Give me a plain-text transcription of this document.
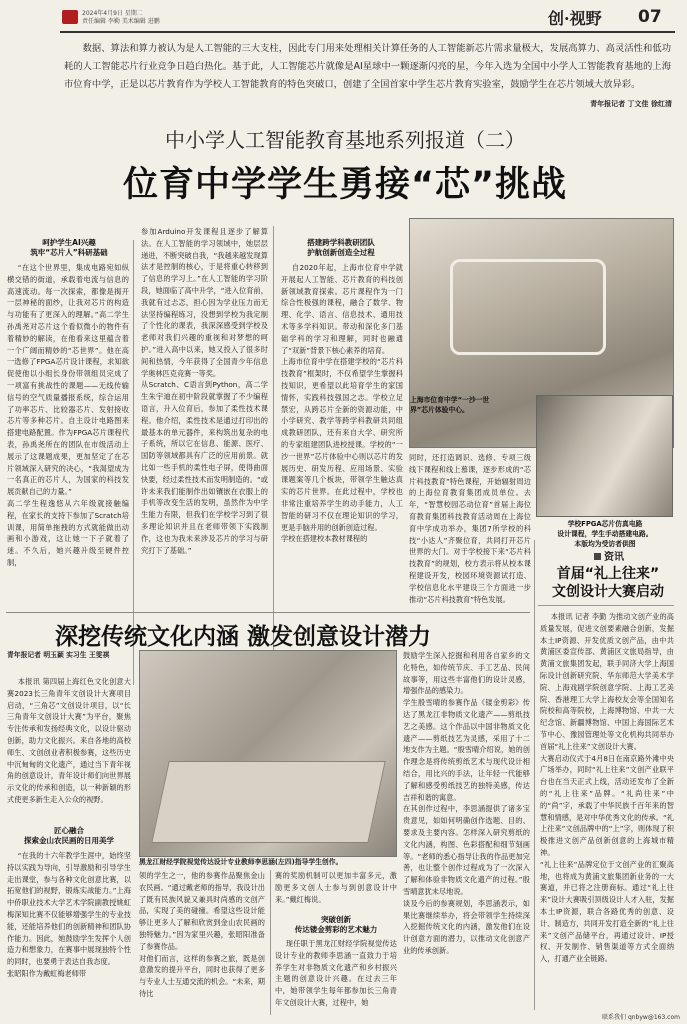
2024年4月9日 星期二
责任编辑 李勤 美术编辑 进鹏	创·视野	07
数据、算法和算力被认为是人工智能的三大支柱，因此专门用来处理相关计算任务的人工智能新芯片需求量极大，发展高算力、高灵活性和低功耗的人工智能芯片行业竞争日趋白热化。基于此，人工智能芯片就像是AI星球中一颗逐渐闪亮的星，今年入选为全国中小学人工智能教育基地的上海市位育中学，正是以芯片教育作为学校人工智能教育的特色突破口，创建了全国首家中学生芯片教育实验室，鼓励学生在芯片领域大放异彩。
青年报记者 丁文佳 徐红清
中小学人工智能教育基地系列报道（二）
位育中学学生勇接“芯”挑战
呵护学生AI兴趣
筑牢“芯片人”科研基础
“在这个世界里，集成电路宛如纵横交错的街道，承载着电流与信息的高速流动。每一次探索，都像是揭开一层神秘的面纱，让我对芯片的构造与功能有了更深入的理解。”高二学生孙禹尧对芯片这个看似微小的物件有着精妙的解读，在他看来这里蕴含着一个广阔而精妙的“芯世界”。他在高一选修了FPGA芯片设计课程，求知欲促使他以小组长身份带领组员完成了一项富有挑战性的课题——无线传输信号的空气质量播报系统，综合运用了功率芯片、比较器芯片、发射接收芯片等多种芯片。自主设计电路图来搭建电路配置。作为FPGA芯片课程代表，孙禹尧所在的团队在市级活动上展示了这课题成果，更加坚定了在芯片领域深入研究的决心，“我渴望成为一名真正的芯片人，为国家的科技发展贡献自己的力量。”
高二学生程逸悠从六年级就接触编程，在家长的支持下参加了Scratch培训课，用简单拖拽的方式就能做出动画和小游戏，这让她一下子就着了迷。不久后，她兴趣升级至硬件控制，
参加Arduino开发课程且逐步了解算法。在人工智能的学习领域中，她层层递进，不断突破自我，“我越来越发现算法才是控制的核心，于是将重心转移到了信息的学习上。”在人工智能的学习阶段，她面临了高中升学，“进入位育前，我就有过忐忑，担心因为学业压力而无法坚持编程练习，没想到学校为我定制了个性化的课表，我深深感受到学校及老师对我们兴趣的重视和对梦想的呵护。”进入高中以来，她又投入了很多时间和热情，今年获得了全国青少年信息学奥林匹克竞赛一等奖。
从Scratch、C语言到Python，高二学生朱宇迪在初中阶段就掌握了不少编程语言，升入位育后，参加了柔性技术课程。他介绍，柔性技术是通过打印出的最基本的单元器件，来构筑出复杂的电子系统，所以它在信息、能源、医疗、国防等领域都具有广泛的应用前景。就比如一些手机的柔性电子屏，使得曲面快要，经过柔性技术而发明制造的。“或许未来我们能制作出如镶嵌在衣服上的手机等改变生活的发明，虽然作为中学生能力有限，但我们在学校学习到了很多理论知识并且在老师带领下实践制作，这也为我未来涉及芯片的学习与研究打下了基础。”
搭建跨学科教研团队
护航创新创造全过程
自2020年起，上海市位育中学就开展起人工智能、芯片教育的科技创新领域教育探索。芯片课程作为一门综合性极强的课程，融合了数学、物理、化学、语言、信息技术、通用技术等多学科知识。带动和深化多门基础学科的学习和理解，同时也融通了“双新”背景下核心素养的培育。
上海市位育中学在搭建学校的“芯片科技教育”框架时，不仅希望学生掌握科技知识，更希望以此培育学生的家国情怀，实践科技强国之志。学校立足禁宏，从跨芯片全新的资源动能，中小学研究、教学等跨学科教研共同组成教研团队，还有来自大学、研究所的专家组建团队进校授课。学校的“一沙一世界”芯片体验中心则以芯片的发展历史、研发历程、应用场景、实验课题案等几个板块，带领学生触达真实的芯片世界。在此过程中，学校也非常注重培养学生的动手能力，人工智能的研习不仅在理论知识的学习，更是手脑并用的创新创造过程。
学校在搭建校本教材课程的
上海市位育中学“一沙一世
界”芯片体验中心。
同时，还打造调识、选修、专项三级线下课程和线上慕课，逐步形成的“芯片科技教育”特色课程，开始辐射周边的上海位育教育集团成员单位。去年，“智慧校园芯动位育”首届上海位育教育集团科技教育活动周在上海位育中学成功举办，集团7所学校的科技“小达人”齐聚位育，共同打开芯片世界的大门。对于学校接下来“芯片科技教育”的规划，校方表示将从校本课程建设开发，校园环境资源试打造、学校信息化水平建设三个方面进一步推动“芯片科技教育”特色发展。
学校FPGA芯片仿真电路
设计课程，学生手动搭建电路。
本版均为受访者供图
资讯
首届“礼上往来”
文创设计大赛启动
本报讯 记者 李勤 为推动文创产业的高质量发展，促进文创要素融合创新，发掘本土IP资源、开发优质文创产品，由中共黄浦区委宣传部、黄浦区文旅局指导，由黄浦文旅集团发起，联手同济大学上海国际设计创新研究院、华东师范大学美术学院、上海戏剧学院创意学院、上海工艺美院、香港理工大学上海校友会等全国知名院校和高等院校，上海博物馆、中共一大纪念馆、新疆博物馆、中国上海国际艺术节中心、豫园管理处等文化机构共同举办首届“礼上往来”文创设计大赛。
大赛启动仪式于4月8日在南京路外滩中央广场举办，同时“礼上往来”文创产业联平台也在当天正式上线，活动还发布了全新的“礼上往来”品牌。“礼尚往来”中的“尚”字，承载了中华民族千百年来的智慧和情感，是对中华优秀文化的传承。“礼上往来”文创品牌中的“上”字，则体现了积极推进文创产品创新创意的上海城市精神。
“礼上往来”品牌定位于文创产业的汇聚高地，也将成为黄浦文旅集团新业务的一大赛道，并已将之注册商标。通过“礼上往来”设计大赛吸引顶级设计人才入驻，发掘本土IP资源，联合各路优秀的创意、设计、制造方，共同开发打造全新的“礼上往来”文创产品储平台，再通过设计、IP授权、开发制作、销售渠道等方式全面纳入，打通产业全链路。
深挖传统文化内涵 激发创意设计潜力
青年报记者 明玉颖 实习生 王雯祺
本报讯 第四届上海红色文化创意大赛2023长三角青年文创设计大赛项目启动，“三角芯”文创设计项目，以“长三角青年文创设计大赛”为平台，聚焦专注传承和发扬经典文化，以设计驱动创新，助力文化振兴。来自各地的高校师生、文创创业者积极参赛，这些历史中沉甸甸的文化遗产，通过当下青年视角的创意设计，青年设计师们向世界展示文化的传承和创造，以一种新颖的形式使更多新生走入公众的视野。
匠心融合
探索金山农民画的日用美学
“在我的十六年教学生涯中，始终坚持以实践为导向，引导激励和引导学生走出课堂，参与各种文化创意比赛，以拓宽他们的视野，锻炼实战能力。”上海中侨职业技术大学艺术学院副教授姚虹梅深知比赛不仅能够增强学生的专业技能，还能培养他们的创新精神和团队协作能力。因此，她鼓励学生发挥个人创造力和想象力，在赛事中展现独特个性的同时，也要勇于表达自我态度。
张昭阳作为戴虹梅老师带
黑龙江财经学院视觉传达设计专业教师李思涵(左四)指导学生创作。
领的学生之一，他的参赛作品聚焦金山农民画。“通过戴老师的指导，我设计出了既有民族风貌又兼具时尚感的文创产品，实现了美的碰撞。希望这些设计能够让更多人了解和欣赏到金山农民画的独特魅力。”因为家里兴趣，张昭阳准备了参赛作品。
对他们而言，这样的参赛之旅，既是创意激发的提升平台，同时也获得了更多与专业人士互通交流的机会。“未来，期待比
赛的奖励机制可以更加丰富多元，激励更多文创人士参与到创意设计中来。”戴红梅说。
突破创新
传达镂金剪彩的艺术魅力
现任职于黑龙江财经学院视觉传达设计专业的教师李思涵一直致力于培养学生对非物质文化遗产和乡村振兴主题的创意设计兴趣。在过去三年中，她带领学生每年都参加长三角青年文创设计大赛，过程中，她
鼓励学生深入挖掘和利用各自家乡的文化特色，如传统节庆、手工艺品、民间故事等，用这些丰富他们的设计灵感，增强作品的感染力。
学生殷雪晴的参赛作品《镂金剪彩》传达了黑龙江非物质文化遗产——剪纸技艺之美感。这个作品以中国非物质文化遗产——剪纸技艺为灵感，采用了十二地支作为主题。“殷雪晴介绍说，她的创作理念是将传统剪纸艺术与现代设计相结合，用比兴的手法，让年轻一代能够了解和感受剪纸技艺的独特美感，传达吉祥和谐的寓意。
在其创作过程中，李思涵提供了诸多宝贵意见，如如何明确创作选题、目的、要求及主要内容。怎样深入研究剪纸的文化内涵，构图、色彩搭配和细节刻画等。“老师的悉心指导让我的作品更加完善，也让整个创作过程成为了一次深入了解和体验非物质文化遗产的过程。”殷雪晴意犹未尽地说。
谈及今后的参赛规划，李思涵表示，如果比赛继续举办，将会带领学生持续深入挖掘传统文化的内涵，激发他们在设计创意方面的潜力，以推动文化创意产业的传承创新。
联系我们 qnbyw@163.com
